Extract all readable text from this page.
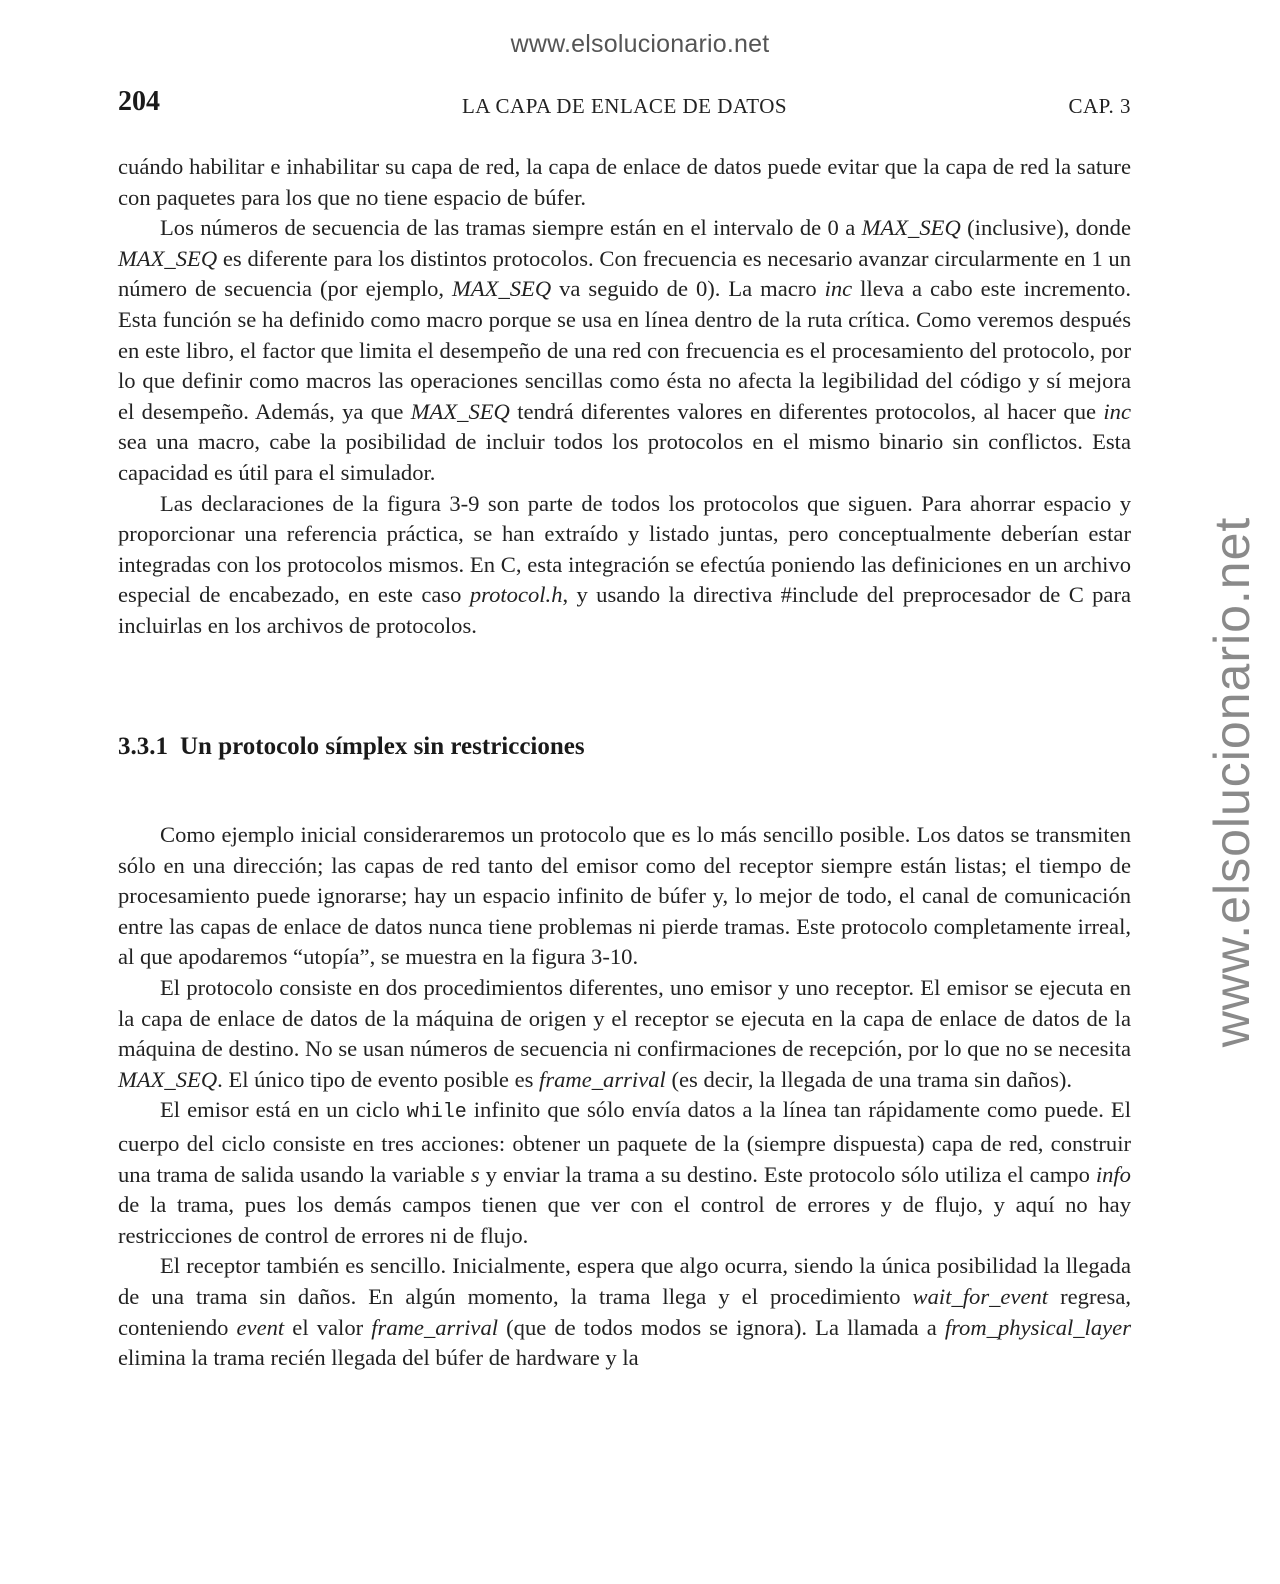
www.elsolucionario.net
www.elsolucionario.net
204	LA CAPA DE ENLACE DE DATOS	CAP. 3

cuándo habilitar e inhabilitar su capa de red, la capa de enlace de datos puede evitar que la capa de red la sature con paquetes para los que no tiene espacio de búfer.

Los números de secuencia de las tramas siempre están en el intervalo de 0 a MAX_SEQ (inclusive), donde MAX_SEQ es diferente para los distintos protocolos. Con frecuencia es necesario avanzar circularmente en 1 un número de secuencia (por ejemplo, MAX_SEQ va seguido de 0). La macro inc lleva a cabo este incremento. Esta función se ha definido como macro porque se usa en línea dentro de la ruta crítica. Como veremos después en este libro, el factor que limita el desempeño de una red con frecuencia es el procesamiento del protocolo, por lo que definir como macros las operaciones sencillas como ésta no afecta la legibilidad del código y sí mejora el desempeño. Además, ya que MAX_SEQ tendrá diferentes valores en diferentes protocolos, al hacer que inc sea una macro, cabe la posibilidad de incluir todos los protocolos en el mismo binario sin conflictos. Esta capacidad es útil para el simulador.

Las declaraciones de la figura 3-9 son parte de todos los protocolos que siguen. Para ahorrar espacio y proporcionar una referencia práctica, se han extraído y listado juntas, pero conceptualmente deberían estar integradas con los protocolos mismos. En C, esta integración se efectúa poniendo las definiciones en un archivo especial de encabezado, en este caso protocol.h, y usando la directiva #include del preprocesador de C para incluirlas en los archivos de protocolos.

3.3.1 Un protocolo símplex sin restricciones

Como ejemplo inicial consideraremos un protocolo que es lo más sencillo posible. Los datos se transmiten sólo en una dirección; las capas de red tanto del emisor como del receptor siempre están listas; el tiempo de procesamiento puede ignorarse; hay un espacio infinito de búfer y, lo mejor de todo, el canal de comunicación entre las capas de enlace de datos nunca tiene problemas ni pierde tramas. Este protocolo completamente irreal, al que apodaremos “utopía”, se muestra en la figura 3-10.

El protocolo consiste en dos procedimientos diferentes, uno emisor y uno receptor. El emisor se ejecuta en la capa de enlace de datos de la máquina de origen y el receptor se ejecuta en la capa de enlace de datos de la máquina de destino. No se usan números de secuencia ni confirmaciones de recepción, por lo que no se necesita MAX_SEQ. El único tipo de evento posible es frame_arrival (es decir, la llegada de una trama sin daños).

El emisor está en un ciclo while infinito que sólo envía datos a la línea tan rápidamente como puede. El cuerpo del ciclo consiste en tres acciones: obtener un paquete de la (siempre dispuesta) capa de red, construir una trama de salida usando la variable s y enviar la trama a su destino. Este protocolo sólo utiliza el campo info de la trama, pues los demás campos tienen que ver con el control de errores y de flujo, y aquí no hay restricciones de control de errores ni de flujo.

El receptor también es sencillo. Inicialmente, espera que algo ocurra, siendo la única posibilidad la llegada de una trama sin daños. En algún momento, la trama llega y el procedimiento wait_for_event regresa, conteniendo event el valor frame_arrival (que de todos modos se ignora). La llamada a from_physical_layer elimina la trama recién llegada del búfer de hardware y la
